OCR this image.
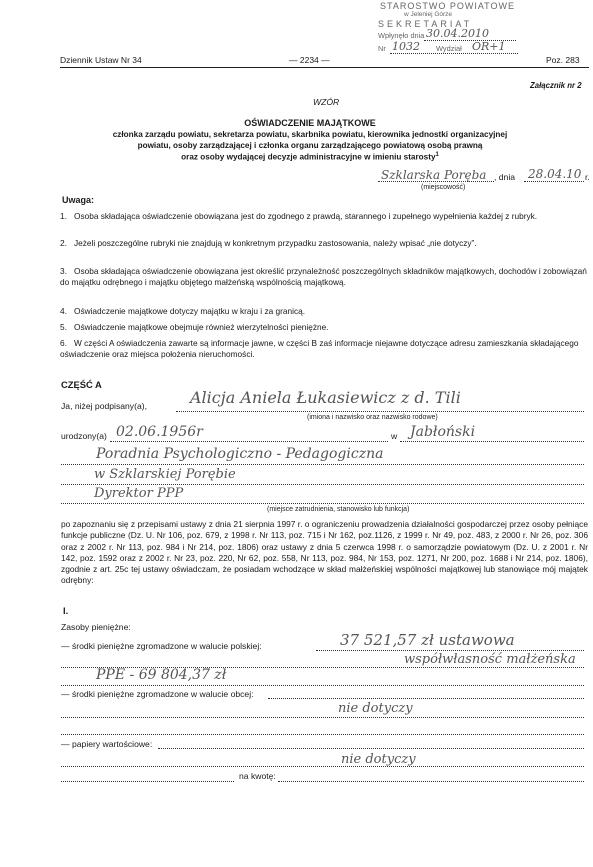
STAROSTWO POWIATOWE
w Jeleniej Górze
SEKRETARIAT
Wpłynęło dnia 30.04.2010
Nr 1032 Wydział OR+1
Dziennik Ustaw Nr 34	— 2234 —	Poz. 283
Załącznik nr 2
WZÓR
OŚWIADCZENIE MAJĄTKOWE
członka zarządu powiatu, sekretarza powiatu, skarbnika powiatu, kierownika jednostki organizacyjnej
powiatu, osoby zarządzającej i członka organu zarządzającego powiatową osobą prawną
oraz osoby wydającej decyzje administracyjne w imieniu starosty$^1$
Szklarska Poręba , dnia 28.04.10 r.
(miejscowość)
Uwaga:
1. Osoba składająca oświadczenie obowiązana jest do zgodnego z prawdą, starannego i zupełnego wypełnienia każdej z rubryk.
2. Jeżeli poszczególne rubryki nie znajdują w konkretnym przypadku zastosowania, należy wpisać „nie dotyczy”.
3. Osoba składająca oświadczenie obowiązana jest określić przynależność poszczególnych składników majątkowych, dochodów i zobowiązań do majątku odrębnego i majątku objętego małżeńską wspólnością majątkową.
4. Oświadczenie majątkowe dotyczy majątku w kraju i za granicą.
5. Oświadczenie majątkowe obejmuje również wierzytelności pieniężne.
6. W części A oświadczenia zawarte są informacje jawne, w części B zaś informacje niejawne dotyczące adresu zamieszkania składającego oświadczenie oraz miejsca położenia nieruchomości.
CZĘŚĆ A
Ja, niżej podpisany(a),	Alicja Aniela Łukasiewicz z d. Tili
(imiona i nazwisko oraz nazwisko rodowe)
urodzony(a) 02.06.1956r	w Jabłoński
Poradnia Psychologiczno - Pedagogiczna
w Szklarskiej Porębie
Dyrektor PPP
(miejsce zatrudnienia, stanowisko lub funkcja)
po zapoznaniu się z przepisami ustawy z dnia 21 sierpnia 1997 r. o ograniczeniu prowadzenia działalności gospodarczej przez osoby pełniące funkcje publiczne (Dz. U. Nr 106, poz. 679, z 1998 r. Nr 113, poz. 715 i Nr 162, poz.1126, z 1999 r. Nr 49, poz. 483, z 2000 r. Nr 26, poz. 306 oraz z 2002 r. Nr 113, poz. 984 i Nr 214, poz. 1806) oraz ustawy z dnia 5 czerwca 1998 r. o samorządzie powiatowym (Dz. U. z 2001 r. Nr 142, poz. 1592 oraz z 2002 r. Nr 23, poz. 220, Nr 62, poz. 558, Nr 113, poz. 984, Nr 153, poz. 1271, Nr 200, poz. 1688 i Nr 214, poz. 1806), zgodnie z art. 25c tej ustawy oświadczam, że posiadam wchodzące w skład małżeńskiej wspólności majątkowej lub stanowiące mój majątek odrębny:
I.
Zasoby pieniężne:
— środki pieniężne zgromadzone w walucie polskiej:	37 521,57 zł ustawowa
współwłasność małżeńska
PPE - 69 804,37 zł
— środki pieniężne zgromadzone w walucie obcej:
nie dotyczy
— papiery wartościowe:
nie dotyczy
na kwotę:
